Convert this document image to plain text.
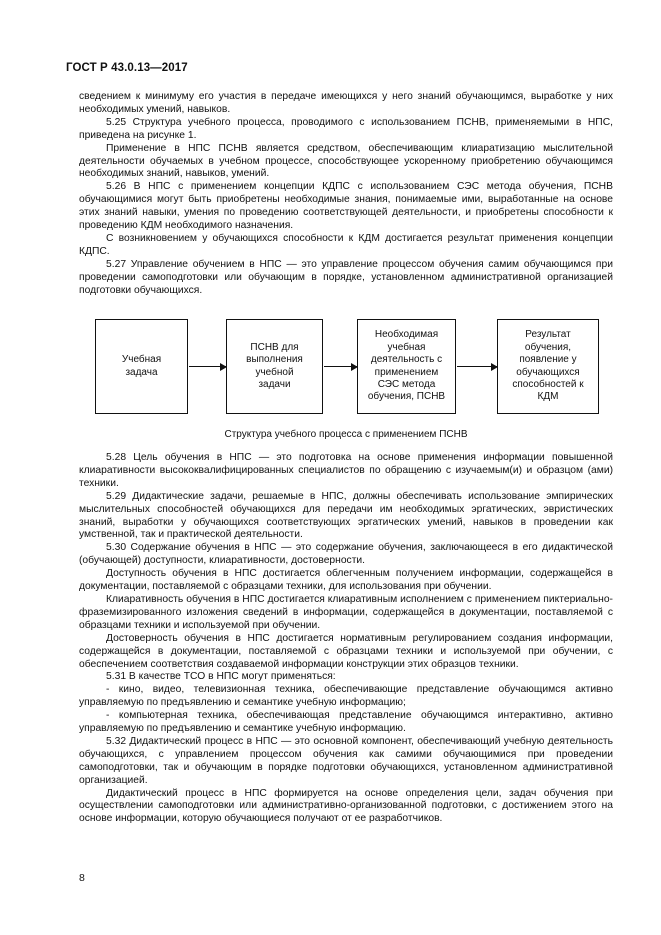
ГОСТ Р 43.0.13—2017

сведением к минимуму его участия в передаче имеющихся у него знаний обучающимся, выработке у них необходимых умений, навыков.

5.25 Структура учебного процесса, проводимого с использованием ПСНВ, применяемыми в НПС, приведена на рисунке 1.

Применение в НПС ПСНВ является средством, обеспечивающим клиаратизацию мыслительной деятельности обучаемых в учебном процессе, способствующее ускоренному приобретению обучающимся необходимых знаний, навыков, умений.

5.26 В НПС с применением концепции КДПС с использованием СЭС метода обучения, ПСНВ обучающимися могут быть приобретены необходимые знания, понимаемые ими, выработанные на основе этих знаний навыки, умения по проведению соответствующей деятельности, и приобретены способности к проведению КДМ необходимого назначения.

С возникновением у обучающихся способности к КДМ достигается результат применения концепции КДПС.

5.27 Управление обучением в НПС — это управление процессом обучения самим обучающимся при проведении самоподготовки или обучающим в порядке, установленном административной организацией подготовки обучающихся.

Учебная задача
ПСНВ для выполнения учебной задачи
Необходимая учебная деятельность с применением СЭС метода обучения, ПСНВ
Результат обучения, появление у обучающихся способностей к КДМ
Структура учебного процесса с применением ПСНВ

5.28 Цель обучения в НПС — это подготовка на основе применения информации повышенной клиаративности высококвалифицированных специалистов по обращению с изучаемым(и) и образцом (ами) техники.

5.29 Дидактические задачи, решаемые в НПС, должны обеспечивать использование эмпирических мыслительных способностей обучающихся для передачи им необходимых эргатических, эвристических знаний, выработки у обучающихся соответствующих эргатических умений, навыков в проведении как умственной, так и практической деятельности.

5.30 Содержание обучения в НПС — это содержание обучения, заключающееся в его дидактической (обучающей) доступности, клиаративности, достоверности.

Доступность обучения в НПС достигается облегченным получением информации, содержащейся в документации, поставляемой с образцами техники, для использования при обучении.

Клиаративность обучения в НПС достигается клиаративным исполнением с применением пиктериально-фраземизированного изложения сведений в информации, содержащейся в документации, поставляемой с образцами техники и используемой при обучении.

Достоверность обучения в НПС достигается нормативным регулированием создания информации, содержащейся в документации, поставляемой с образцами техники и используемой при обучении, с обеспечением соответствия создаваемой информации конструкции этих образцов техники.

5.31 В качестве ТСО в НПС могут применяться:

- кино, видео, телевизионная техника, обеспечивающие представление обучающимся активно управляемую по предъявлению и семантике учебную информацию;

- компьютерная техника, обеспечивающая представление обучающимся интерактивно, активно управляемую по предъявлению и семантике учебную информацию.

5.32 Дидактический процесс в НПС — это основной компонент, обеспечивающий учебную деятельность обучающихся, с управлением процессом обучения как самими обучающимися при проведении самоподготовки, так и обучающим в порядке подготовки обучающихся, установленном административной организацией.

Дидактический процесс в НПС формируется на основе определения цели, задач обучения при осуществлении самоподготовки или административно-организованной подготовки, с достижением этого на основе информации, которую обучающиеся получают от ее разработчиков.

8
